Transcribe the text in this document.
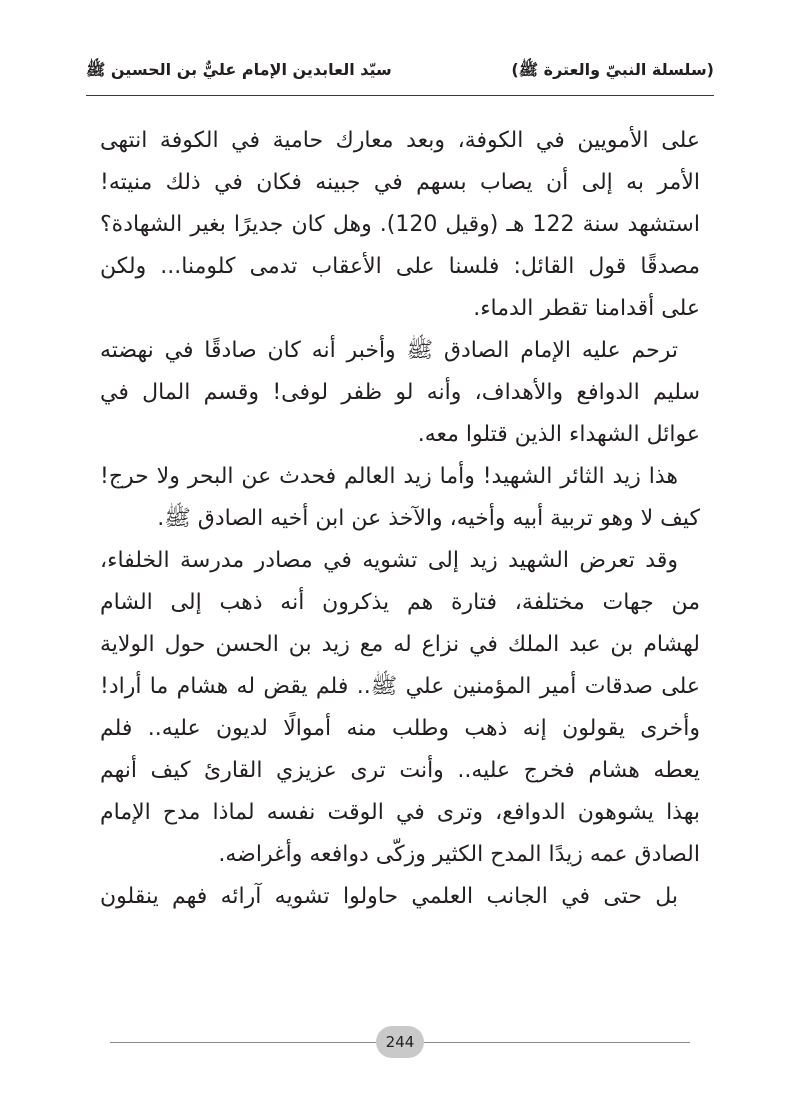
(سلسلة النبيّ والعترة ﷺ)
سيّد العابدين الإمام عليٌّ بن الحسين ﷺ
على الأمويين في الكوفة، وبعد معارك حامية في الكوفة انتهى
الأمر به إلى أن يصاب بسهم في جبينه فكان في ذلك منيته!
استشهد سنة 122 هـ (وقيل 120). وهل كان جديرًا بغير الشهادة؟
مصدقًا قول القائل: فلسنا على الأعقاب تدمى كلومنا... ولكن
على أقدامنا تقطر الدماء.
ترحم عليه الإمام الصادق ﷺ وأخبر أنه كان صادقًا في نهضته
سليم الدوافع والأهداف، وأنه لو ظفر لوفى! وقسم المال في
عوائل الشهداء الذين قتلوا معه.
هذا زيد الثائر الشهيد! وأما زيد العالم فحدث عن البحر ولا حرج!
كيف لا وهو تربية أبيه وأخيه، والآخذ عن ابن أخيه الصادق ﷺ.
وقد تعرض الشهيد زيد إلى تشويه في مصادر مدرسة الخلفاء،
من جهات مختلفة، فتارة هم يذكرون أنه ذهب إلى الشام
لهشام بن عبد الملك في نزاع له مع زيد بن الحسن حول الولاية
على صدقات أمير المؤمنين علي ﷺ.. فلم يقض له هشام ما أراد!
وأخرى يقولون إنه ذهب وطلب منه أموالًا لديون عليه.. فلم
يعطه هشام فخرج عليه.. وأنت ترى عزيزي القارئ كيف أنهم
بهذا يشوهون الدوافع، وترى في الوقت نفسه لماذا مدح الإمام
الصادق عمه زيدًا المدح الكثير وزكّى دوافعه وأغراضه.
بل حتى في الجانب العلمي حاولوا تشويه آرائه فهم ينقلون
244
